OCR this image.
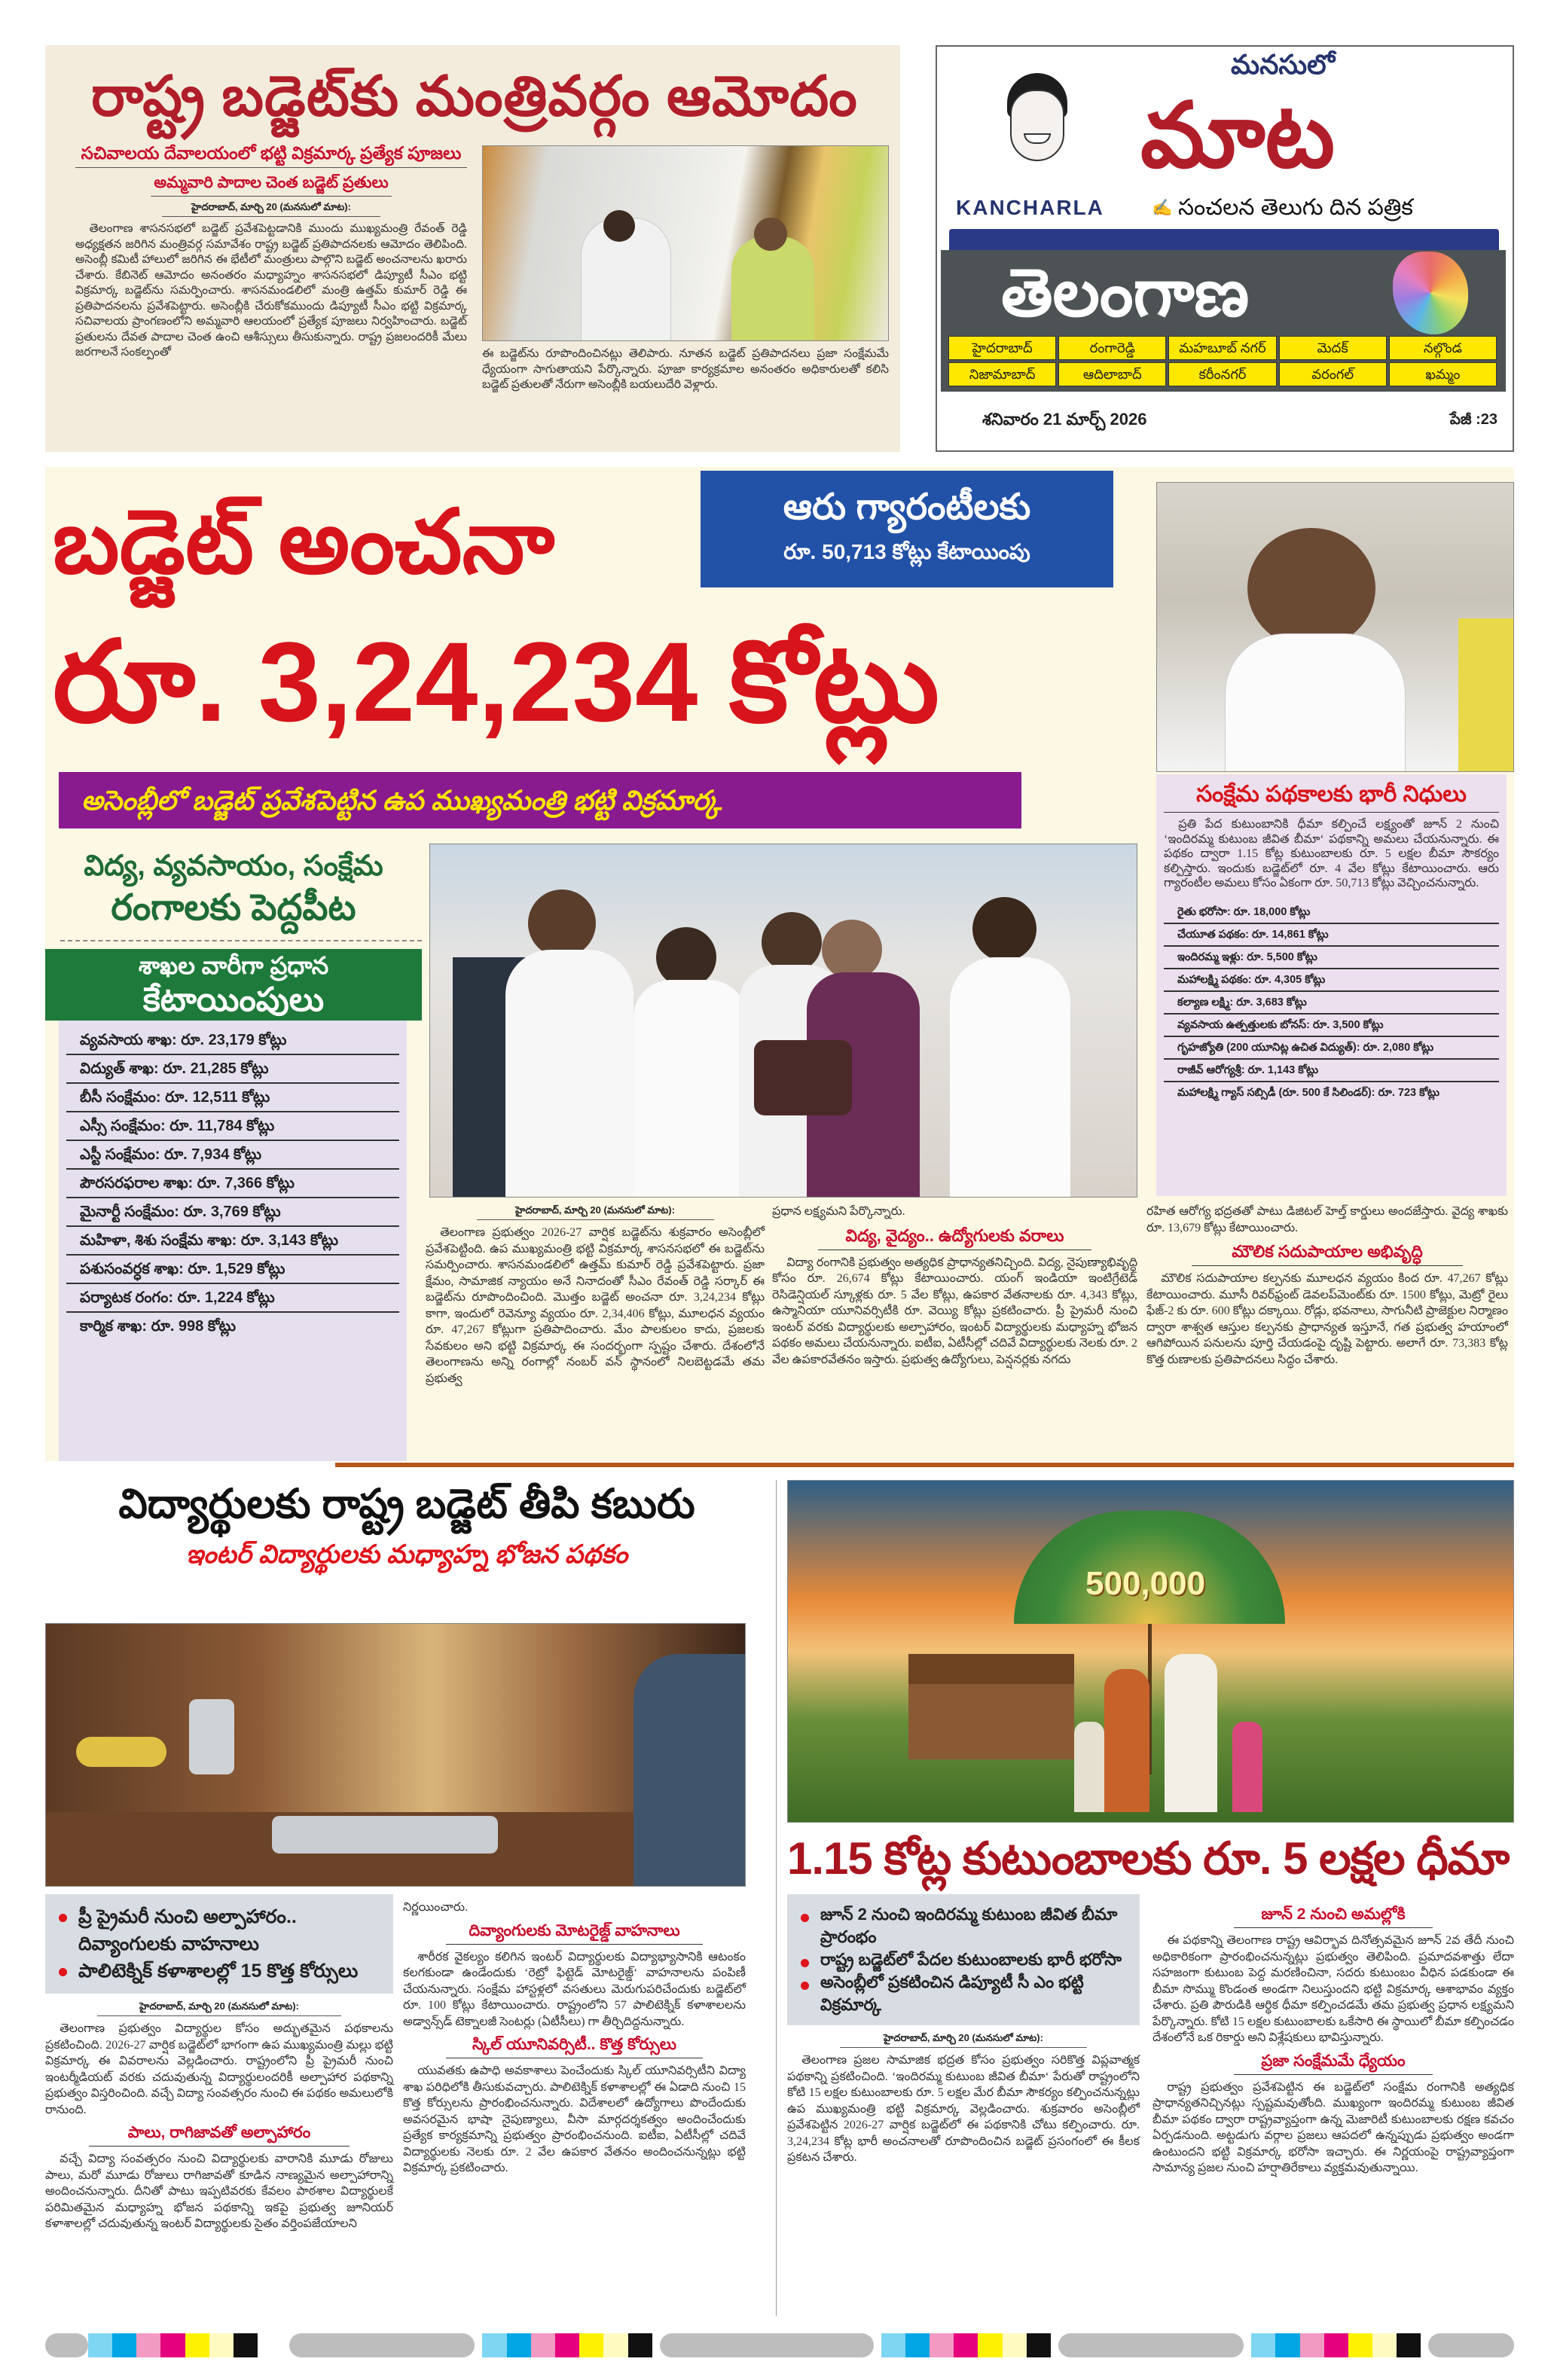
రాష్ట్ర బడ్జెట్‌కు మంత్రివర్గం ఆమోదం
సచివాలయ దేవాలయంలో భట్టి విక్రమార్క ప్రత్యేక పూజలు
అమ్మవారి పాదాల చెంత బడ్జెట్ ప్రతులు
హైదరాబాద్, మార్చి 20 (మనసులో మాట):
తెలంగాణ శాసనసభలో బడ్జెట్ ప్రవేశపెట్టడానికి ముందు ముఖ్యమంత్రి రేవంత్ రెడ్డి అధ్యక్షతన జరిగిన మంత్రివర్గ సమావేశం రాష్ట్ర బడ్జెట్ ప్రతిపాదనలకు ఆమోదం తెలిపింది. అసెంబ్లీ కమిటీ హాలులో జరిగిన ఈ భేటీలో మంత్రులు పాల్గొని బడ్జెట్ అంచనాలను ఖరారు చేశారు. కేబినెట్ ఆమోదం అనంతరం మధ్యాహ్నం శాసనసభలో డిప్యూటీ సీఎం భట్టి విక్రమార్క బడ్జెట్‌ను సమర్పించారు. శాసనమండలిలో మంత్రి ఉత్తమ్ కుమార్ రెడ్డి ఈ ప్రతిపాదనలను ప్రవేశపెట్టారు. అసెంబ్లీకి చేరుకోకముందు డిప్యూటీ సీఎం భట్టి విక్రమార్క సచివాలయ ప్రాంగణంలోని అమ్మవారి ఆలయంలో ప్రత్యేక పూజలు నిర్వహించారు. బడ్జెట్ ప్రతులను దేవత పాదాల చెంత ఉంచి ఆశీస్సులు తీసుకున్నారు. రాష్ట్ర ప్రజలందరికీ మేలు జరగాలనే సంకల్పంతో	ఈ బడ్జెట్‌ను రూపొందించినట్లు తెలిపారు. నూతన బడ్జెట్ ప్రతిపాదనలు ప్రజా సంక్షేమమే ధ్యేయంగా సాగుతాయని పేర్కొన్నారు. పూజా కార్యక్రమాల అనంతరం అధికారులతో కలిసి బడ్జెట్ ప్రతులతో నేరుగా అసెంబ్లీకి బయలుదేరి వెళ్లారు.
KANCHARLA
మనసులో
మాట
✍ సంచలన తెలుగు దిన పత్రిక
తెలంగాణ
హైదరాబాద్	రంగారెడ్డి	మహబూబ్ నగర్	మెదక్	నల్గొండ
నిజామాబాద్	ఆదిలాబాద్	కరీంనగర్	వరంగల్	ఖమ్మం
శనివారం 21 మార్చ్ 2026	పేజీ :23
బడ్జెట్ అంచనా
రూ. 3,24,234 కోట్లు
ఆరు గ్యారంటీలకు
రూ. 50,713 కోట్లు కేటాయింపు
అసెంబ్లీలో బడ్జెట్ ప్రవేశపెట్టిన ఉప ముఖ్యమంత్రి భట్టి విక్రమార్క	సంక్షేమ పథకాలకు భారీ నిధులు
ప్రతి పేద కుటుంబానికి ధీమా కల్పించే లక్ష్యంతో జూన్ 2 నుంచి ‘ఇందిరమ్మ కుటుంబ జీవిత బీమా‘ పథకాన్ని అమలు చేయనున్నారు. ఈ పథకం ద్వారా 1.15 కోట్ల కుటుంబాలకు రూ. 5 లక్షల బీమా సౌకర్యం కల్పిస్తారు. ఇందుకు బడ్జెట్‌లో రూ. 4 వేల కోట్లు కేటాయించారు. ఆరు గ్యారంటీల అమలు కోసం ఏకంగా రూ. 50,713 కోట్లు వెచ్చించనున్నారు.
రైతు భరోసా: రూ. 18,000 కోట్లు
చేయూత పథకం: రూ. 14,861 కోట్లు
ఇందిరమ్మ ఇళ్లు: రూ. 5,500 కోట్లు
మహాలక్ష్మి పథకం: రూ. 4,305 కోట్లు
కల్యాణ లక్ష్మి: రూ. 3,683 కోట్లు
వ్యవసాయ ఉత్పత్తులకు బోనస్: రూ. 3,500 కోట్లు
గృహజ్యోతి (200 యూనిట్ల ఉచిత విద్యుత్): రూ. 2,080 కోట్లు
రాజీవ్ ఆరోగ్యశ్రీ: రూ. 1,143 కోట్లు
మహాలక్ష్మి గ్యాస్ సబ్సిడీ (రూ. 500 కే సిలిండర్): రూ. 723 కోట్లు
విద్య, వ్యవసాయం, సంక్షేమ
రంగాలకు పెద్దపీట
శాఖల వారీగా ప్రధాన
కేటాయింపులు
వ్యవసాయ శాఖ: రూ. 23,179 కోట్లు
విద్యుత్ శాఖ: రూ. 21,285 కోట్లు
బీసీ సంక్షేమం: రూ. 12,511 కోట్లు
ఎస్సీ సంక్షేమం: రూ. 11,784 కోట్లు
ఎస్టీ సంక్షేమం: రూ. 7,934 కోట్లు
పౌరసరఫరాల శాఖ: రూ. 7,366 కోట్లు
మైనార్టీ సంక్షేమం: రూ. 3,769 కోట్లు
మహిళా, శిశు సంక్షేమ శాఖ: రూ. 3,143 కోట్లు
పశుసంవర్ధక శాఖ: రూ. 1,529 కోట్లు
పర్యాటక రంగం: రూ. 1,224 కోట్లు
కార్మిక శాఖ: రూ. 998 కోట్లు
హైదరాబాద్, మార్చి 20 (మనసులో మాట):
తెలంగాణ ప్రభుత్వం 2026-27 వార్షిక బడ్జెట్‌ను శుక్రవారం అసెంబ్లీలో ప్రవేశపెట్టింది. ఉప ముఖ్యమంత్రి భట్టి విక్రమార్క శాసనసభలో ఈ బడ్జెట్‌ను సమర్పించారు. శాసనమండలిలో ఉత్తమ్ కుమార్ రెడ్డి ప్రవేశపెట్టారు. ప్రజా క్షేమం, సామాజిక న్యాయం అనే నినాదంతో సీఎం రేవంత్ రెడ్డి సర్కార్ ఈ బడ్జెట్‌ను రూపొందించింది. మొత్తం బడ్జెట్ అంచనా రూ. 3,24,234 కోట్లు కాగా, ఇందులో రెవెన్యూ వ్యయం రూ. 2,34,406 కోట్లు, మూలధన వ్యయం రూ. 47,267 కోట్లుగా ప్రతిపాదించారు. మేం పాలకులం కాదు, ప్రజలకు సేవకులం అని భట్టి విక్రమార్క ఈ సందర్భంగా స్పష్టం చేశారు. దేశంలోనే తెలంగాణను అన్ని రంగాల్లో నంబర్ వన్ స్థానంలో నిలబెట్టడమే తమ ప్రభుత్వ
ప్రధాన లక్ష్యమని పేర్కొన్నారు.
విద్య, వైద్యం.. ఉద్యోగులకు వరాలు
విద్యా రంగానికి ప్రభుత్వం అత్యధిక ప్రాధాన్యతనిచ్చింది. విద్య, నైపుణ్యాభివృద్ధి కోసం రూ. 26,674 కోట్లు కేటాయించారు. యంగ్ ఇండియా ఇంటిగ్రేటెడ్ రెసిడెన్షియల్ స్కూళ్లకు రూ. 5 వేల కోట్లు, ఉపకార వేతనాలకు రూ. 4,343 కోట్లు, ఉస్మానియా యూనివర్సిటీకి రూ. వెయ్యి కోట్లు ప్రకటించారు. ప్రీ ప్రైమరీ నుంచి ఇంటర్ వరకు విద్యార్థులకు అల్పాహారం, ఇంటర్ విద్యార్థులకు మధ్యాహ్న భోజన పథకం అమలు చేయనున్నారు. ఐటీఐ, ఏటీసీల్లో చదివే విద్యార్థులకు నెలకు రూ. 2 వేల ఉపకారవేతనం ఇస్తారు. ప్రభుత్వ ఉద్యోగులు, పెన్షనర్లకు నగదు
రహిత ఆరోగ్య భద్రతతో పాటు డిజిటల్ హెల్త్ కార్డులు అందజేస్తారు. వైద్య శాఖకు రూ. 13,679 కోట్లు కేటాయించారు.
మౌలిక సదుపాయాల అభివృద్ధి
మౌలిక సదుపాయాల కల్పనకు మూలధన వ్యయం కింద రూ. 47,267 కోట్లు కేటాయించారు. మూసీ రివర్‌ఫ్రంట్ డెవలప్‌మెంట్‌కు రూ. 1500 కోట్లు, మెట్రో రైలు ఫేజ్-2 కు రూ. 600 కోట్లు దక్కాయి. రోడ్లు, భవనాలు, సాగునీటి ప్రాజెక్టుల నిర్మాణం ద్వారా శాశ్వత ఆస్తుల కల్పనకు ప్రాధాన్యత ఇస్తూనే, గత ప్రభుత్వ హయాంలో ఆగిపోయిన పనులను పూర్తి చేయడంపై దృష్టి పెట్టారు. అలాగే రూ. 73,383 కోట్ల కొత్త రుణాలకు ప్రతిపాదనలు సిద్ధం చేశారు.
విద్యార్థులకు రాష్ట్ర బడ్జెట్ తీపి కబురు
ఇంటర్ విద్యార్థులకు మధ్యాహ్న భోజన పథకం
ప్రీ ప్రైమరీ నుంచి అల్పాహారం.. దివ్యాంగులకు వాహనాలు
పాలిటెక్నిక్ కళాశాలల్లో 15 కొత్త కోర్సులు
హైదరాబాద్, మార్చి 20 (మనసులో మాట):
తెలంగాణ ప్రభుత్వం విద్యార్థుల కోసం అద్భుతమైన పథకాలను ప్రకటించింది. 2026-27 వార్షిక బడ్జెట్‌లో భాగంగా ఉప ముఖ్యమంత్రి మల్లు భట్టి విక్రమార్క ఈ వివరాలను వెల్లడించారు. రాష్ట్రంలోని ప్రీ ప్రైమరీ నుంచి ఇంటర్మీడియట్ వరకు చదువుతున్న విద్యార్థులందరికీ అల్పాహార పథకాన్ని ప్రభుత్వం విస్తరించింది. వచ్చే విద్యా సంవత్సరం నుంచి ఈ పథకం అమలులోకి రానుంది.
పాలు, రాగిజావతో అల్పాహారం
వచ్చే విద్యా సంవత్సరం నుంచి విద్యార్థులకు వారానికి మూడు రోజులు పాలు, మరో మూడు రోజులు రాగిజావతో కూడిన నాణ్యమైన అల్పాహారాన్ని అందించనున్నారు. దీనితో పాటు ఇప్పటివరకు కేవలం పాఠశాల విద్యార్థులకే పరిమితమైన మధ్యాహ్న భోజన పథకాన్ని ఇకపై ప్రభుత్వ జూనియర్ కళాశాలల్లో చదువుతున్న ఇంటర్ విద్యార్థులకు సైతం వర్తింపజేయాలని
నిర్ణయించారు.
దివ్యాంగులకు మోటరైజ్డ్ వాహనాలు
శారీరక వైకల్యం కలిగిన ఇంటర్ విద్యార్థులకు విద్యాభ్యాసానికి ఆటంకం కలగకుండా ఉండేందుకు ‘రెట్రో ఫిట్టెడ్ మోటరైజ్డ్‘ వాహనాలను పంపిణీ చేయనున్నారు. సంక్షేమ హాస్టళ్లలో వసతులు మెరుగుపరిచేందుకు బడ్జెట్‌లో రూ. 100 కోట్లు కేటాయించారు. రాష్ట్రంలోని 57 పాలిటెక్నిక్ కళాశాలలను అడ్వాన్స్‌డ్ టెక్నాలజీ సెంటర్లు (ఏటీసీలు) గా తీర్చిదిద్దనున్నారు.
స్కిల్ యూనివర్సిటీ.. కొత్త కోర్సులు
యువతకు ఉపాధి అవకాశాలు పెంచేందుకు స్కిల్ యూనివర్సిటీని విద్యా శాఖ పరిధిలోకి తీసుకువచ్చారు. పాలిటెక్నిక్ కళాశాలల్లో ఈ ఏడాది నుంచి 15 కొత్త కోర్సులను ప్రారంభించనున్నారు. విదేశాలలో ఉద్యోగాలు పొందేందుకు అవసరమైన భాషా నైపుణ్యాలు, వీసా మార్గదర్శకత్వం అందించేందుకు ప్రత్యేక కార్యక్రమాన్ని ప్రభుత్వం ప్రారంభించనుంది. ఐటీఐ, ఏటీసీల్లో చదివే విద్యార్థులకు నెలకు రూ. 2 వేల ఉపకార వేతనం అందించనున్నట్లు భట్టి విక్రమార్క ప్రకటించారు.
500,000
1.15 కోట్ల కుటుంబాలకు రూ. 5 లక్షల ధీమా
జూన్ 2 నుంచి ఇందిరమ్మ కుటుంబ జీవిత బీమా ప్రారంభం
రాష్ట్ర బడ్జెట్‌లో పేదల కుటుంబాలకు భారీ భరోసా
అసెంబ్లీలో ప్రకటించిన డిప్యూటీ సీ ఎం భట్టి విక్రమార్క
హైదరాబాద్, మార్చి 20 (మనసులో మాట):
తెలంగాణ ప్రజల సామాజిక భద్రత కోసం ప్రభుత్వం సరికొత్త విప్లవాత్మక పథకాన్ని ప్రకటించింది. ‘ఇందిరమ్మ కుటుంబ జీవిత బీమా‘ పేరుతో రాష్ట్రంలోని కోటి 15 లక్షల కుటుంబాలకు రూ. 5 లక్షల మేర బీమా సౌకర్యం కల్పించనున్నట్లు ఉప ముఖ్యమంత్రి భట్టి విక్రమార్క వెల్లడించారు. శుక్రవారం అసెంబ్లీలో ప్రవేశపెట్టిన 2026-27 వార్షిక బడ్జెట్‌లో ఈ పథకానికి చోటు కల్పించారు. రూ. 3,24,234 కోట్ల భారీ అంచనాలతో రూపొందించిన బడ్జెట్ ప్రసంగంలో ఈ కీలక ప్రకటన చేశారు.
జూన్ 2 నుంచి అమల్లోకి
ఈ పథకాన్ని తెలంగాణ రాష్ట్ర ఆవిర్భావ దినోత్సవమైన జూన్ 2వ తేదీ నుంచి అధికారికంగా ప్రారంభించనున్నట్లు ప్రభుత్వం తెలిపింది. ప్రమాదవశాత్తు లేదా సహజంగా కుటుంబ పెద్ద మరణించినా, సదరు కుటుంబం వీధిన పడకుండా ఈ బీమా సొమ్ము కొండంత అండగా నిలుస్తుందని భట్టి విక్రమార్క ఆశాభావం వ్యక్తం చేశారు. ప్రతి పౌరుడికి ఆర్థిక ధీమా కల్పించడమే తమ ప్రభుత్వ ప్రధాన లక్ష్యమని పేర్కొన్నారు. కోటి 15 లక్షల కుటుంబాలకు ఒకేసారి ఈ స్థాయిలో బీమా కల్పించడం దేశంలోనే ఒక రికార్డు అని విశ్లేషకులు భావిస్తున్నారు.
ప్రజా సంక్షేమమే ధ్యేయం
రాష్ట్ర ప్రభుత్వం ప్రవేశపెట్టిన ఈ బడ్జెట్‌లో సంక్షేమ రంగానికి అత్యధిక ప్రాధాన్యతనిచ్చినట్లు స్పష్టమవుతోంది. ముఖ్యంగా ఇందిరమ్మ కుటుంబ జీవిత బీమా పథకం ద్వారా రాష్ట్రవ్యాప్తంగా ఉన్న మెజారిటీ కుటుంబాలకు రక్షణ కవచం ఏర్పడనుంది. అట్టడుగు వర్గాల ప్రజలు ఆపదలో ఉన్నప్పుడు ప్రభుత్వం అండగా ఉంటుందని భట్టి విక్రమార్క భరోసా ఇచ్చారు. ఈ నిర్ణయంపై రాష్ట్రవ్యాప్తంగా సామాన్య ప్రజల నుంచి హర్షాతిరేకాలు వ్యక్తమవుతున్నాయి.
